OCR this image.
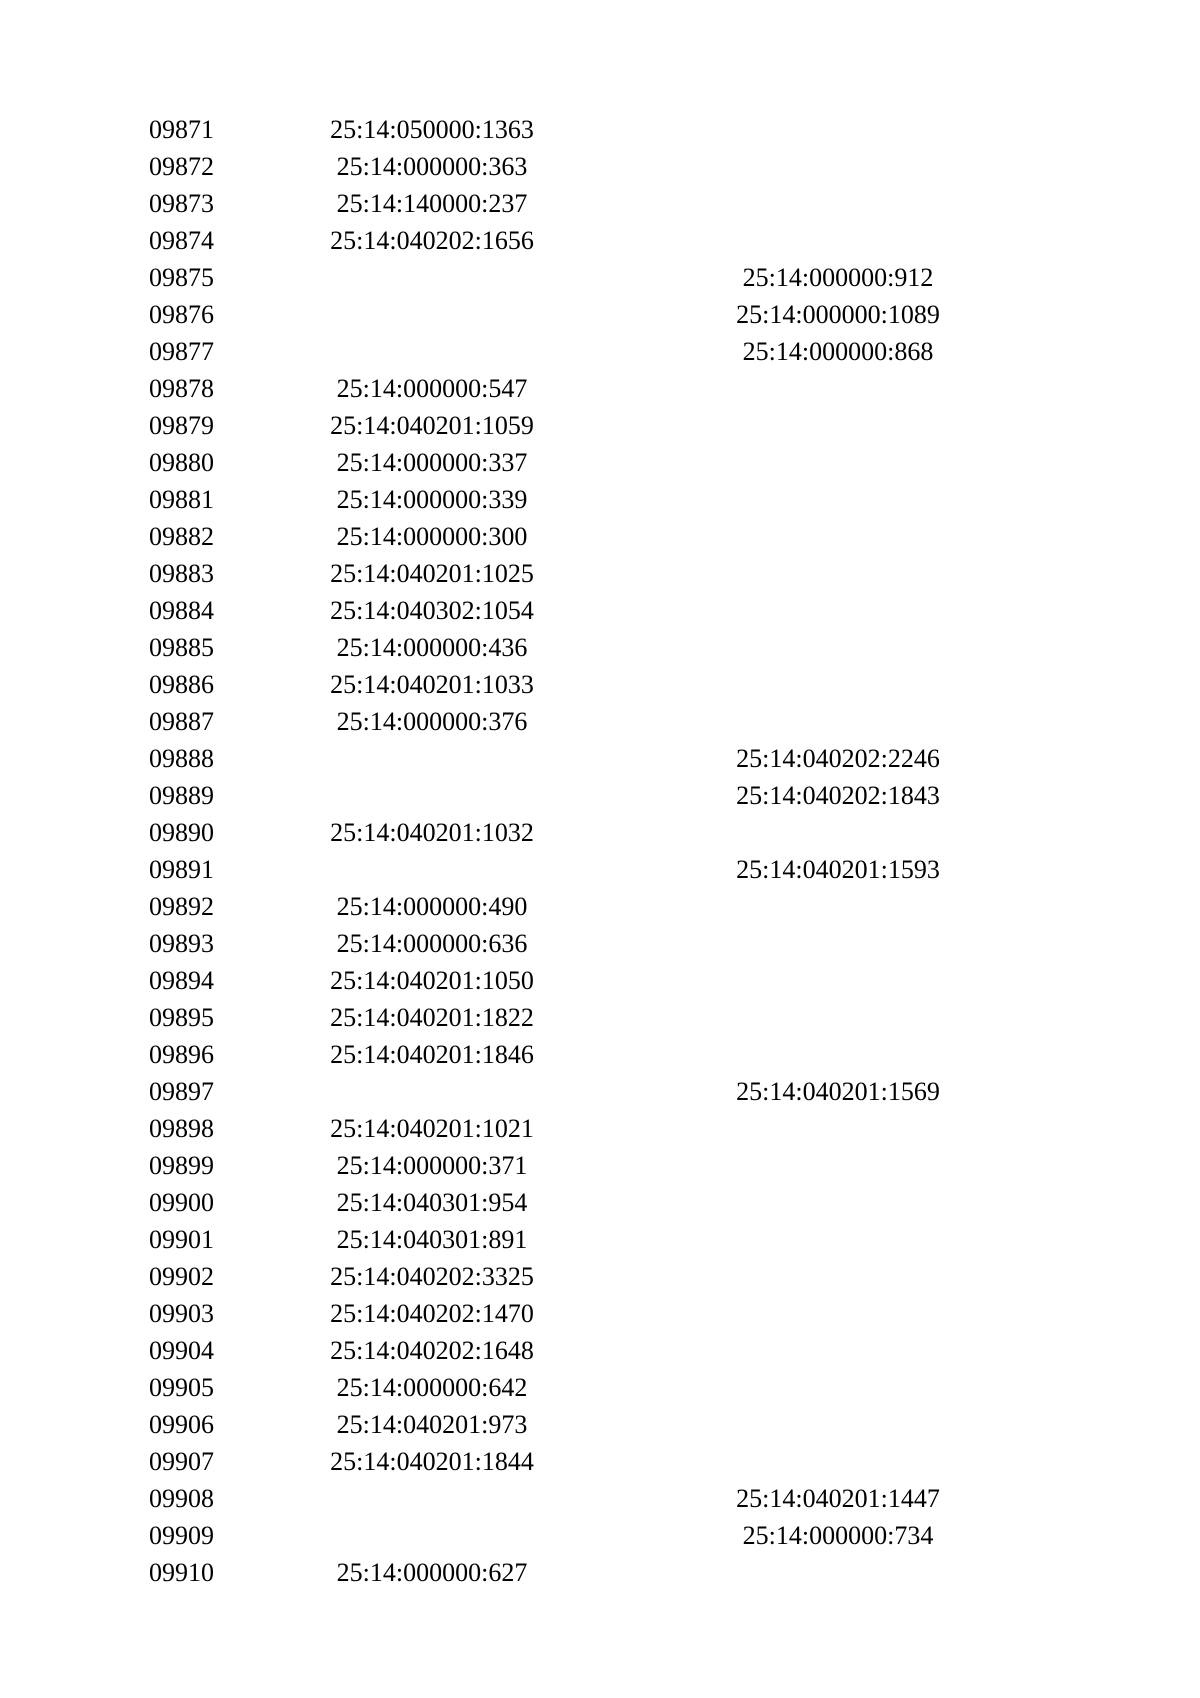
09871	25:14:050000:1363
09872	25:14:000000:363
09873	25:14:140000:237
09874	25:14:040202:1656
09875	25:14:000000:912
09876	25:14:000000:1089
09877	25:14:000000:868
09878	25:14:000000:547
09879	25:14:040201:1059
09880	25:14:000000:337
09881	25:14:000000:339
09882	25:14:000000:300
09883	25:14:040201:1025
09884	25:14:040302:1054
09885	25:14:000000:436
09886	25:14:040201:1033
09887	25:14:000000:376
09888	25:14:040202:2246
09889	25:14:040202:1843
09890	25:14:040201:1032
09891	25:14:040201:1593
09892	25:14:000000:490
09893	25:14:000000:636
09894	25:14:040201:1050
09895	25:14:040201:1822
09896	25:14:040201:1846
09897	25:14:040201:1569
09898	25:14:040201:1021
09899	25:14:000000:371
09900	25:14:040301:954
09901	25:14:040301:891
09902	25:14:040202:3325
09903	25:14:040202:1470
09904	25:14:040202:1648
09905	25:14:000000:642
09906	25:14:040201:973
09907	25:14:040201:1844
09908	25:14:040201:1447
09909	25:14:000000:734
09910	25:14:000000:627
